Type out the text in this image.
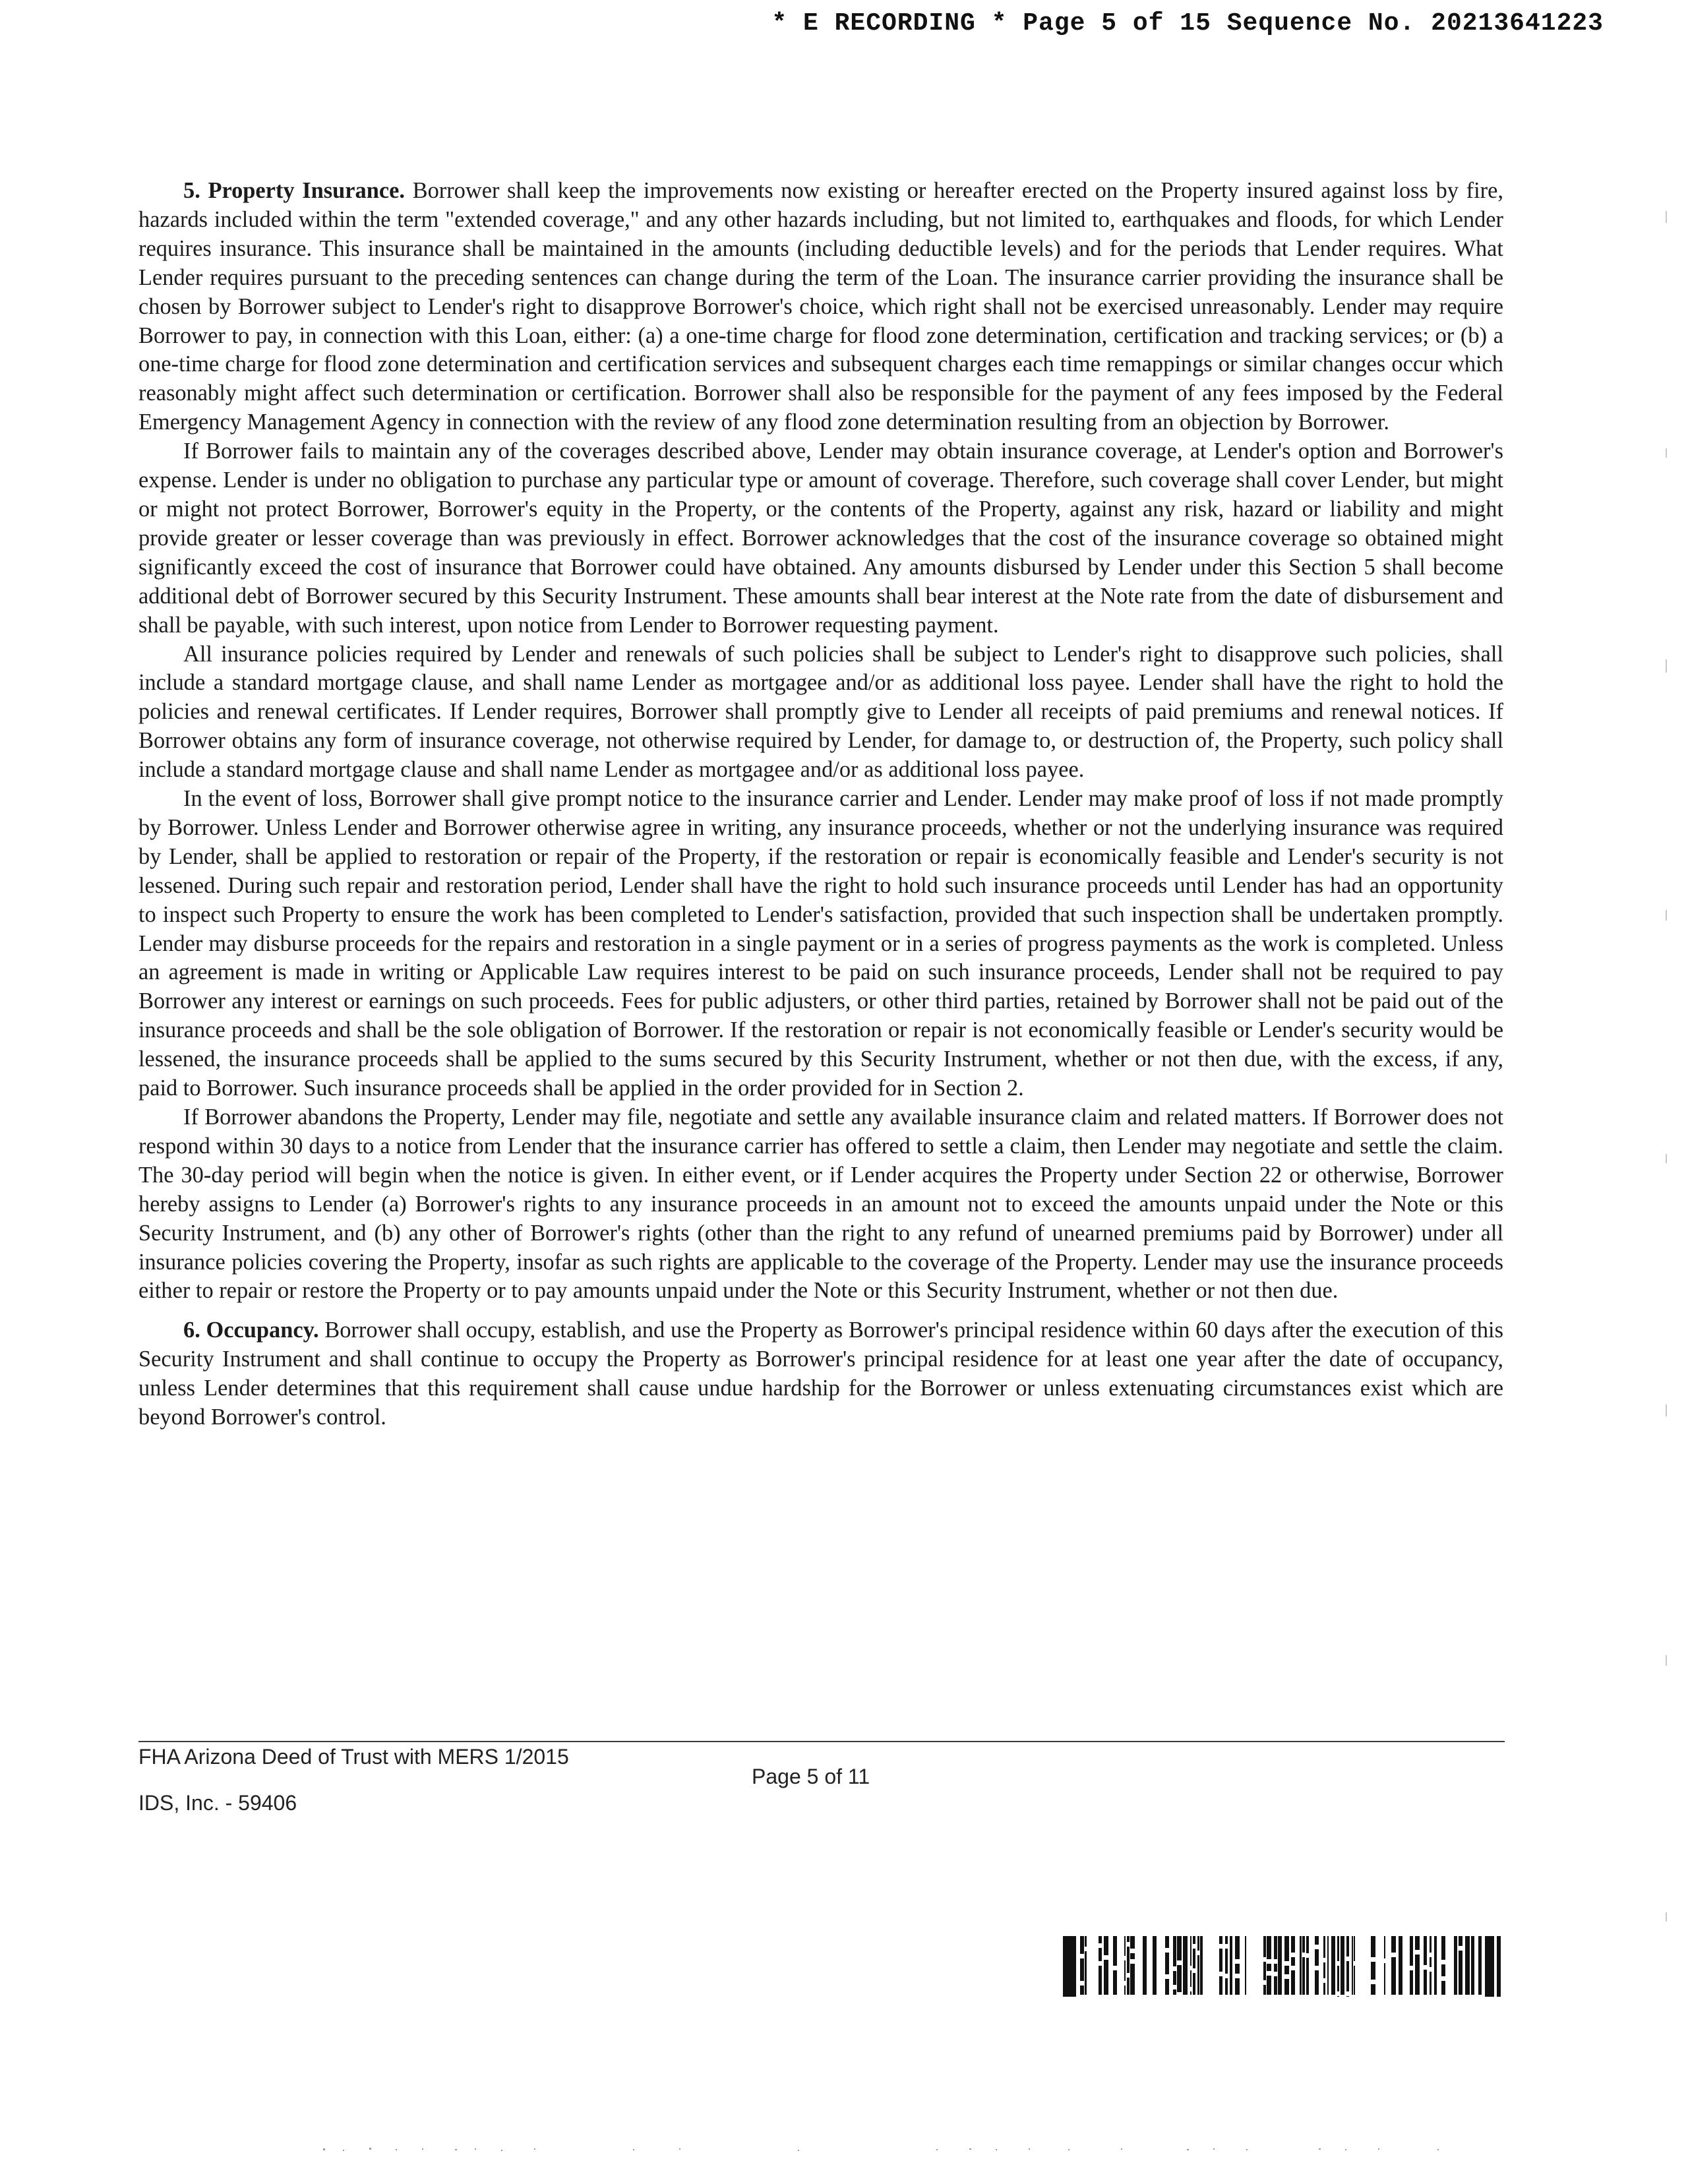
* E RECORDING * Page 5 of 15 Sequence No. 20213641223

5. Property Insurance. Borrower shall keep the improvements now existing or hereafter erected on the Property insured against loss by fire, hazards included within the term "extended coverage," and any other hazards including, but not limited to, earthquakes and floods, for which Lender requires insurance. This insurance shall be maintained in the amounts (including deductible levels) and for the periods that Lender requires. What Lender requires pursuant to the preceding sentences can change during the term of the Loan. The insurance carrier providing the insurance shall be chosen by Borrower subject to Lender's right to disapprove Borrower's choice, which right shall not be exercised unreasonably. Lender may require Borrower to pay, in connection with this Loan, either: (a) a one-time charge for flood zone determination, certification and tracking services; or (b) a one-time charge for flood zone determination and certification services and subsequent charges each time remappings or similar changes occur which reasonably might affect such determination or certification. Borrower shall also be responsible for the payment of any fees imposed by the Federal Emergency Management Agency in connection with the review of any flood zone determination resulting from an objection by Borrower.

If Borrower fails to maintain any of the coverages described above, Lender may obtain insurance coverage, at Lender's option and Borrower's expense. Lender is under no obligation to purchase any particular type or amount of coverage. Therefore, such coverage shall cover Lender, but might or might not protect Borrower, Borrower's equity in the Property, or the contents of the Property, against any risk, hazard or liability and might provide greater or lesser coverage than was previously in effect. Borrower acknowledges that the cost of the insurance coverage so obtained might significantly exceed the cost of insurance that Borrower could have obtained. Any amounts disbursed by Lender under this Section 5 shall become additional debt of Borrower secured by this Security Instrument. These amounts shall bear interest at the Note rate from the date of disbursement and shall be payable, with such interest, upon notice from Lender to Borrower requesting payment.

All insurance policies required by Lender and renewals of such policies shall be subject to Lender's right to disapprove such policies, shall include a standard mortgage clause, and shall name Lender as mortgagee and/or as additional loss payee. Lender shall have the right to hold the policies and renewal certificates. If Lender requires, Borrower shall promptly give to Lender all receipts of paid premiums and renewal notices. If Borrower obtains any form of insurance coverage, not otherwise required by Lender, for damage to, or destruction of, the Property, such policy shall include a standard mortgage clause and shall name Lender as mortgagee and/or as additional loss payee.

In the event of loss, Borrower shall give prompt notice to the insurance carrier and Lender. Lender may make proof of loss if not made promptly by Borrower. Unless Lender and Borrower otherwise agree in writing, any insurance proceeds, whether or not the underlying insurance was required by Lender, shall be applied to restoration or repair of the Property, if the restoration or repair is economically feasible and Lender's security is not lessened. During such repair and restoration period, Lender shall have the right to hold such insurance proceeds until Lender has had an opportunity to inspect such Property to ensure the work has been completed to Lender's satisfaction, provided that such inspection shall be undertaken promptly. Lender may disburse proceeds for the repairs and restoration in a single payment or in a series of progress payments as the work is completed. Unless an agreement is made in writing or Applicable Law requires interest to be paid on such insurance proceeds, Lender shall not be required to pay Borrower any interest or earnings on such proceeds. Fees for public adjusters, or other third parties, retained by Borrower shall not be paid out of the insurance proceeds and shall be the sole obligation of Borrower. If the restoration or repair is not economically feasible or Lender's security would be lessened, the insurance proceeds shall be applied to the sums secured by this Security Instrument, whether or not then due, with the excess, if any, paid to Borrower. Such insurance proceeds shall be applied in the order provided for in Section 2.

If Borrower abandons the Property, Lender may file, negotiate and settle any available insurance claim and related matters. If Borrower does not respond within 30 days to a notice from Lender that the insurance carrier has offered to settle a claim, then Lender may negotiate and settle the claim. The 30-day period will begin when the notice is given. In either event, or if Lender acquires the Property under Section 22 or otherwise, Borrower hereby assigns to Lender (a) Borrower's rights to any insurance proceeds in an amount not to exceed the amounts unpaid under the Note or this Security Instrument, and (b) any other of Borrower's rights (other than the right to any refund of unearned premiums paid by Borrower) under all insurance policies covering the Property, insofar as such rights are applicable to the coverage of the Property. Lender may use the insurance proceeds either to repair or restore the Property or to pay amounts unpaid under the Note or this Security Instrument, whether or not then due.

6. Occupancy. Borrower shall occupy, establish, and use the Property as Borrower's principal residence within 60 days after the execution of this Security Instrument and shall continue to occupy the Property as Borrower's principal residence for at least one year after the date of occupancy, unless Lender determines that this requirement shall cause undue hardship for the Borrower or unless extenuating circumstances exist which are beyond Borrower's control.

FHA Arizona Deed of Trust with MERS 1/2015
Page 5 of 11
IDS, Inc. - 59406
